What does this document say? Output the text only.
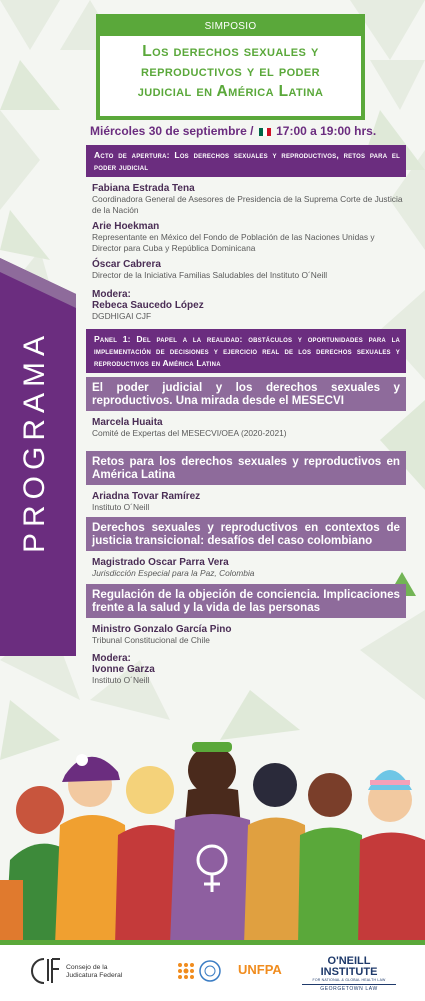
SIMPOSIO
Los derechos sexuales y
reproductivos y el poder
judicial en América Latina
Miércoles 30 de septiembre / 17:00 a 19:00 hrs.
PROGRAMA
Acto de apertura: Los derechos sexuales y reproductivos, retos para el poder judicial
Fabiana Estrada Tena
Coordinadora General de Asesores de Presidencia de la Suprema Corte de Justicia de la Nación
Arie Hoekman
Representante en México del Fondo de Población de las Naciones Unidas y Director para Cuba y República Dominicana
Óscar Cabrera
Director de la Iniciativa Familias Saludables del Instituto O´Neill
Modera:
Rebeca Saucedo López
DGDHIGAI CJF
Panel 1: Del papel a la realidad: obstáculos y oportunidades para la implementación de decisiones y ejercicio real de los derechos sexuales y reproductivos en América Latina
El poder judicial y los derechos sexuales y reproductivos. Una mirada desde el MESECVI
Marcela Huaita
Comité de Expertas del MESECVI/OEA (2020-2021)
Retos para los derechos sexuales y reproductivos en América Latina
Ariadna Tovar Ramírez
Instituto O´Neill
Derechos sexuales y reproductivos en contextos de justicia transicional: desafíos del caso colombiano
Magistrado Oscar Parra Vera
Jurisdicción Especial para la Paz, Colombia
Regulación de la objeción de conciencia. Implicaciones frente a la salud y la vida de las personas
Ministro Gonzalo García Pino
Tribunal Constitucional de Chile
Modera:
Ivonne Garza
Instituto O´Neill
Consejo de la
Judicatura Federal	UNFPA
O'NEILL
INSTITUTE
FOR NATIONAL & GLOBAL HEALTH LAW
GEORGETOWN LAW
